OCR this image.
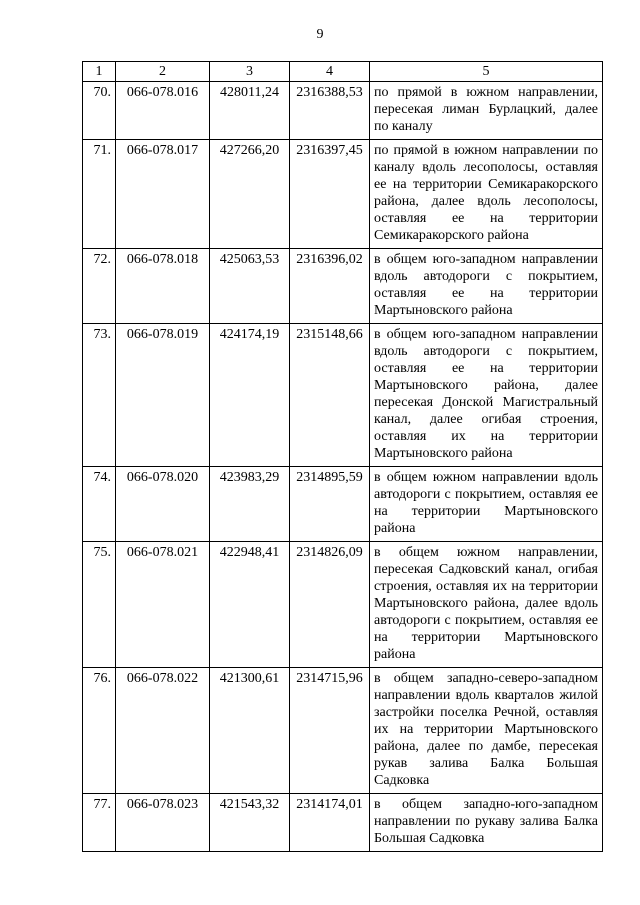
9
1	2	3	4	5
70.	066-078.016	428011,24	2316388,53	по прямой в южном направлении, пересекая лиман Бурлацкий, далее по каналу
71.	066-078.017	427266,20	2316397,45	по прямой в южном направлении по каналу вдоль лесополосы, оставляя ее на территории Семикаракорского района, далее вдоль лесополосы, оставляя ее на территории Семикаракорского района
72.	066-078.018	425063,53	2316396,02	в общем юго-западном направлении вдоль автодороги с покрытием, оставляя ее на территории Мартыновского района
73.	066-078.019	424174,19	2315148,66	в общем юго-западном направлении вдоль автодороги с покрытием, оставляя ее на территории Мартыновского района, далее пересекая Донской Магистральный канал, далее огибая строения, оставляя их на территории Мартыновского района
74.	066-078.020	423983,29	2314895,59	в общем южном направлении вдоль автодороги с покрытием, оставляя ее на территории Мартыновского района
75.	066-078.021	422948,41	2314826,09	в общем южном направлении, пересекая Садковский канал, огибая строения, оставляя их на территории Мартыновского района, далее вдоль автодороги с покрытием, оставляя ее на территории Мартыновского района
76.	066-078.022	421300,61	2314715,96	в общем западно-северо-западном направлении вдоль кварталов жилой застройки поселка Речной, оставляя их на территории Мартыновского района, далее по дамбе, пересекая рукав залива Балка Большая Садковка
77.	066-078.023	421543,32	2314174,01	в общем западно-юго-западном направлении по рукаву залива Балка Большая Садковка
